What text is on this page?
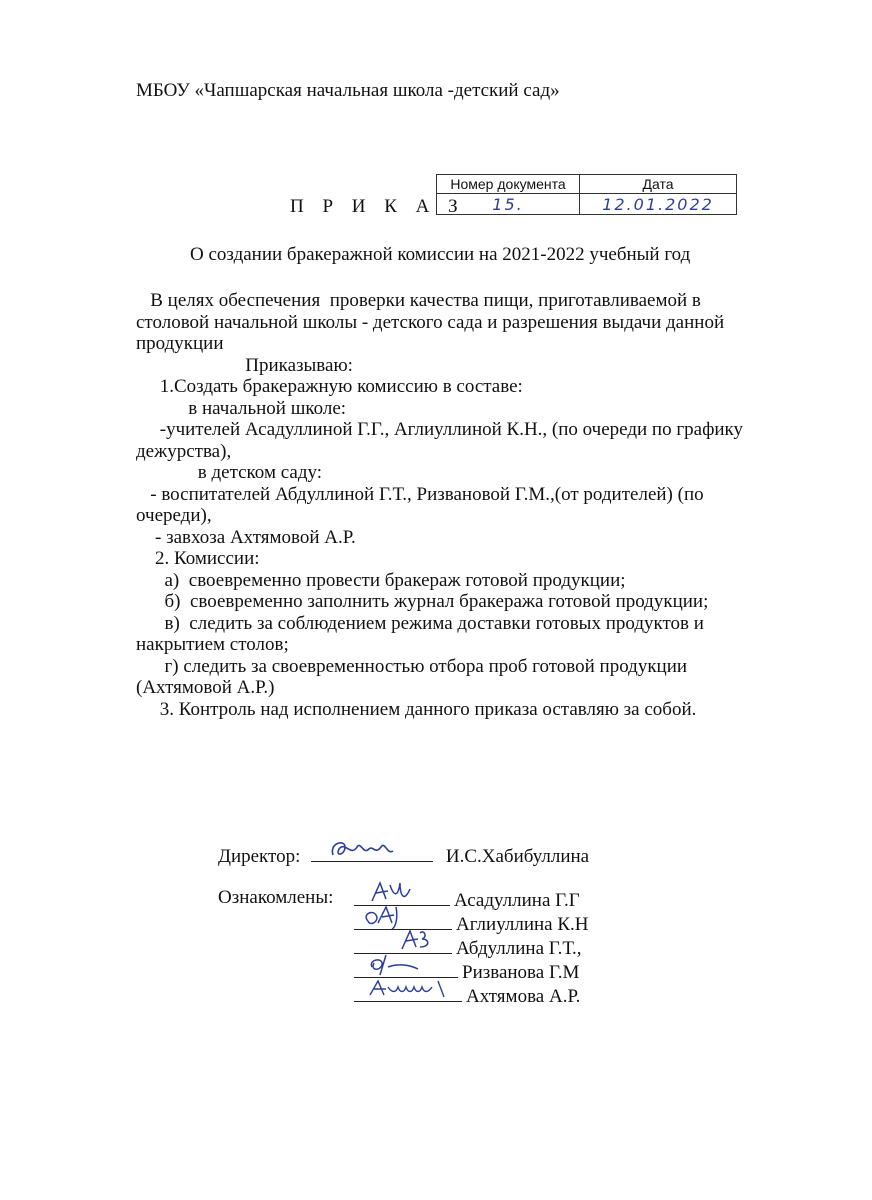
МБОУ «Чапшарская начальная школа -детский сад»
П Р И К А З
Номер документа	Дата
15.	12.01.2022
О создании бракеражной комиссии на 2021-2022 учебный год

В целях обеспечения  проверки качества пищи, приготавливаемой в

столовой начальной школы - детского сада и разрешения выдачи данной

продукции

Приказываю:

1.Создать бракеражную комиссию в составе:

в начальной школе:

-учителей Асадуллиной Г.Г., Аглиуллиной К.Н., (по очереди по графику

дежурства),

в детском саду:

- воспитателей Абдуллиной Г.Т., Ризвановой Г.М.,(от родителей) (по

очереди),

- завхоза Ахтямовой А.Р.

2. Комиссии:

а)  своевременно провести бракераж готовой продукции;

б)  своевременно заполнить журнал бракеража готовой продукции;

в)  следить за соблюдением режима доставки готовых продуктов и

накрытием столов;

г) следить за своевременностью отбора проб готовой продукции

(Ахтямовой А.Р.)

3. Контроль над исполнением данного приказа оставляю за собой.

Директор:	И.С.Хабибуллина
Ознакомлены:	Асадуллина Г.Г
Аглиуллина К.Н
Абдуллина Г.Т.,
Ризванова Г.М
Ахтямова А.Р.
